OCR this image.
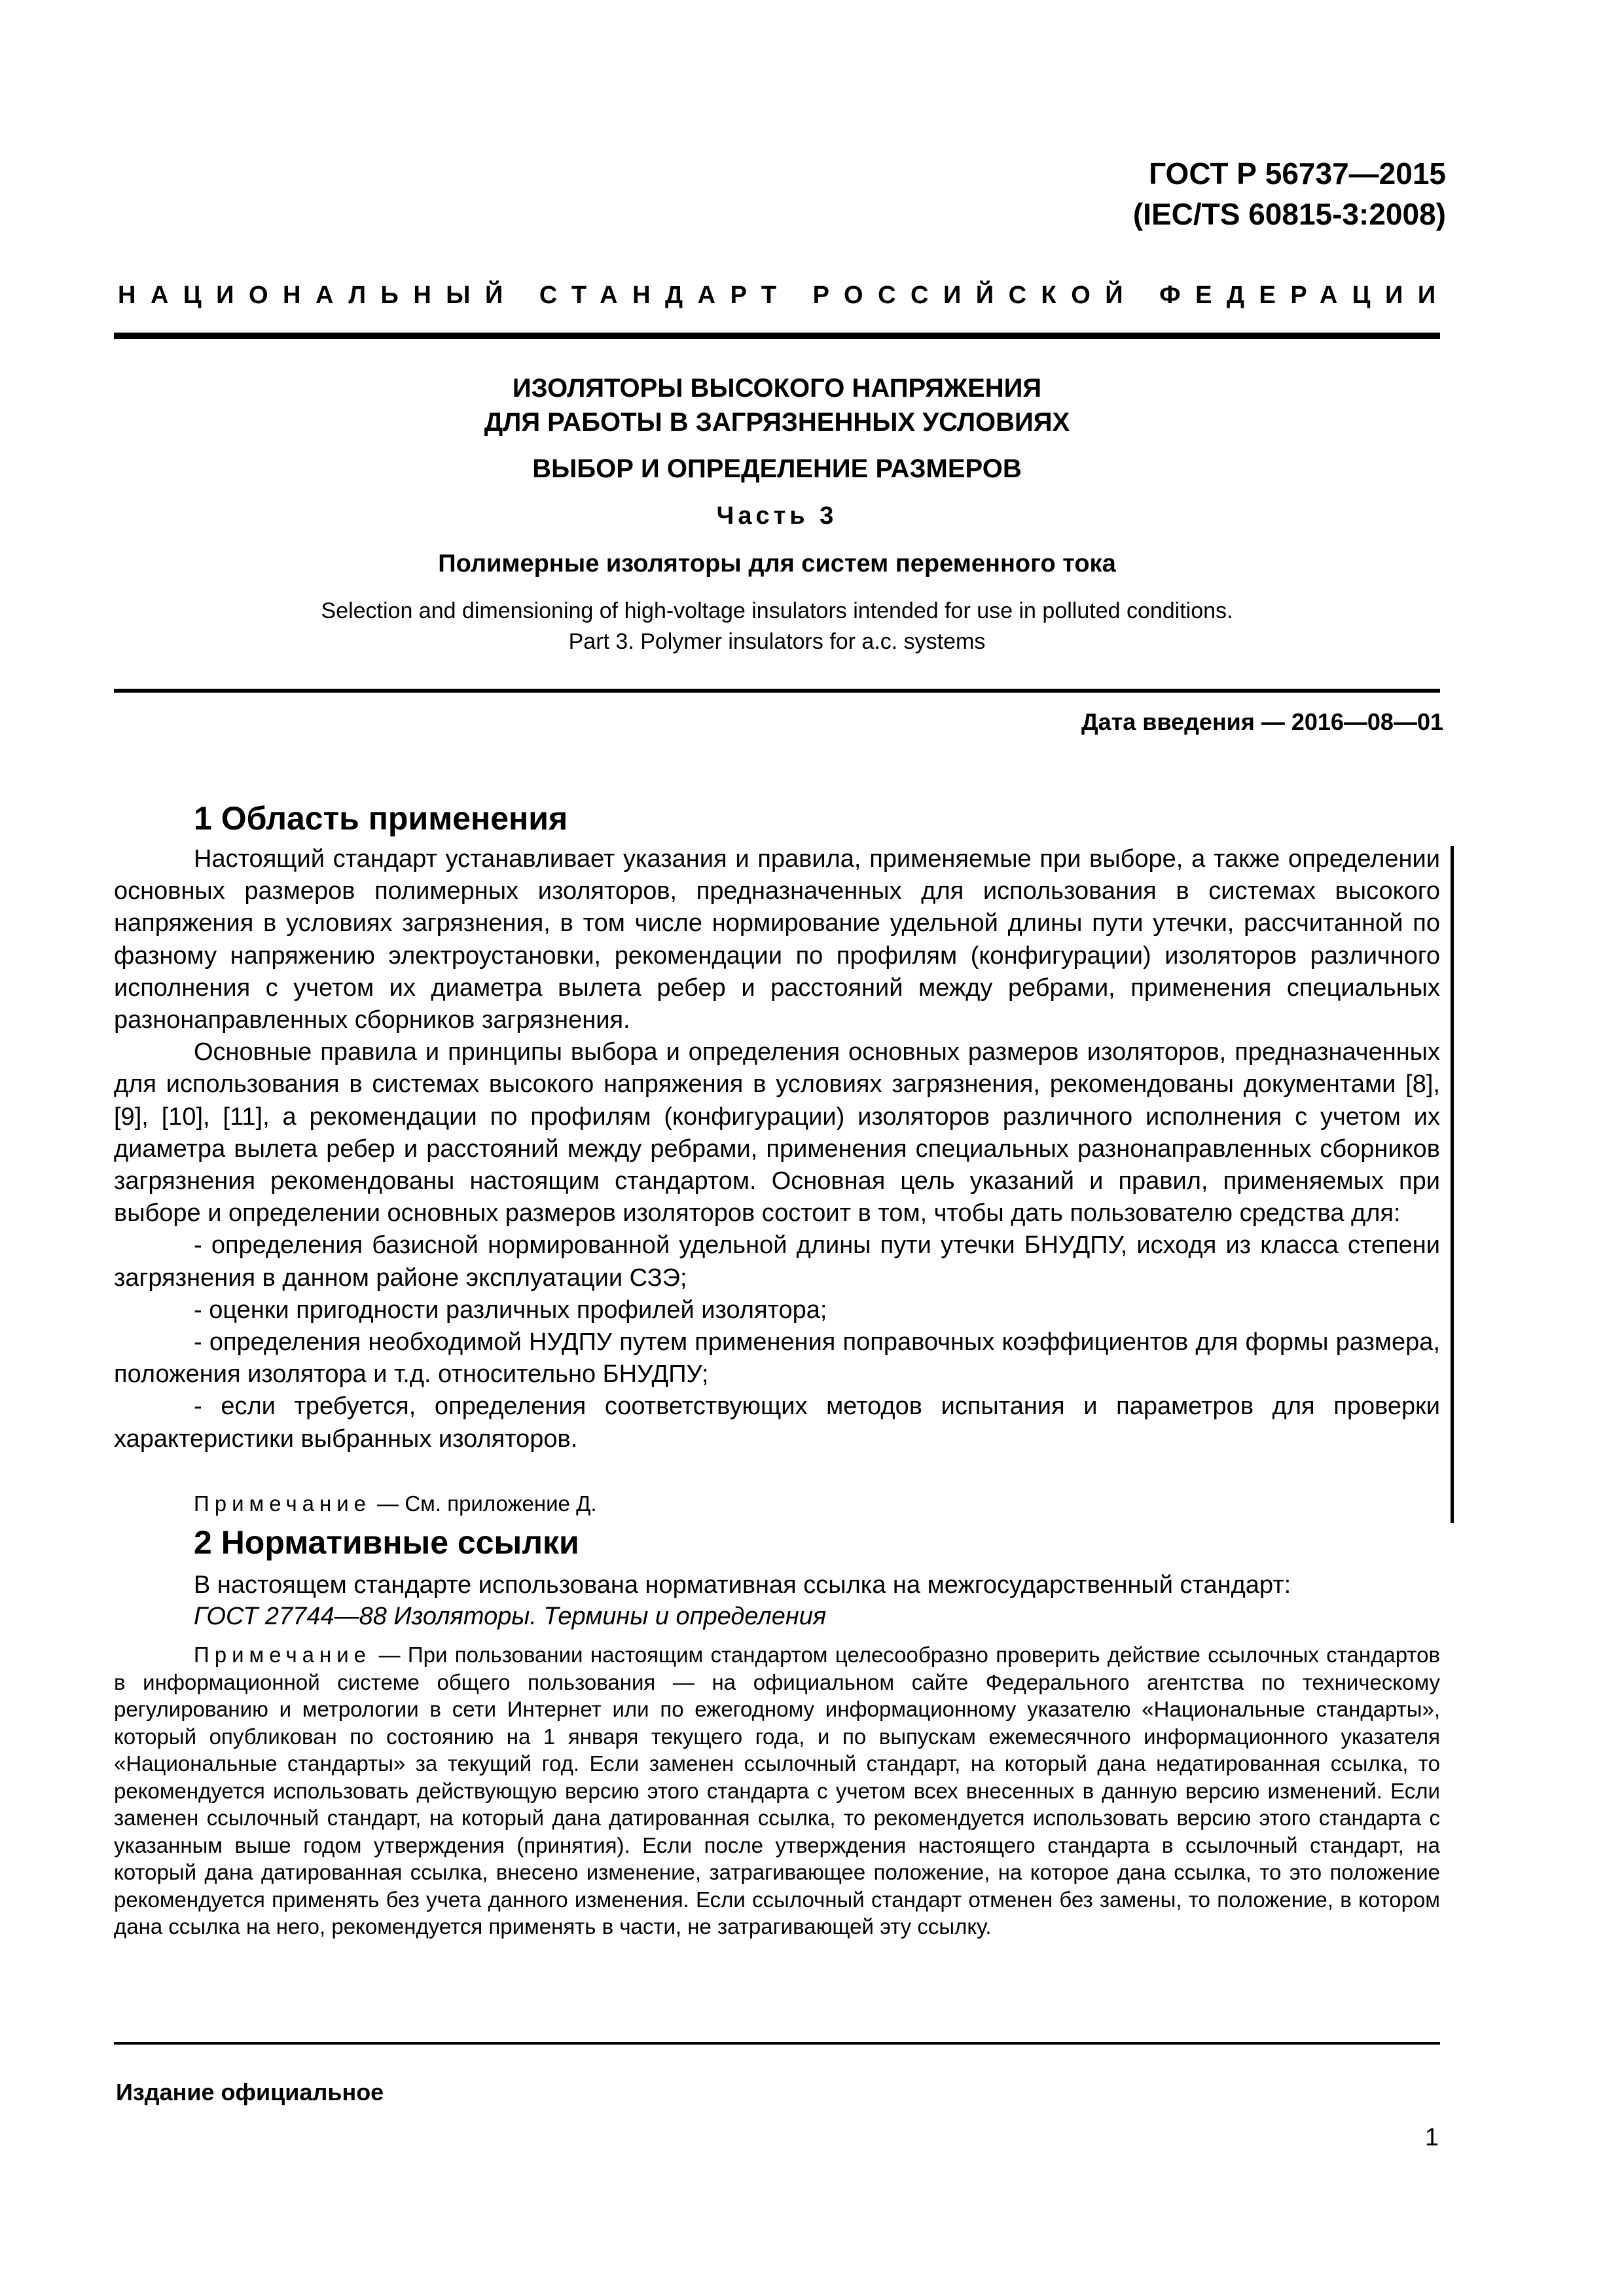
ГОСТ Р 56737—2015
(IEC/TS 60815-3:2008)
НАЦИОНАЛЬНЫЙ СТАНДАРТ РОССИЙСКОЙ ФЕДЕРАЦИИ
ИЗОЛЯТОРЫ ВЫСОКОГО НАПРЯЖЕНИЯ
ДЛЯ РАБОТЫ В ЗАГРЯЗНЕННЫХ УСЛОВИЯХ
ВЫБОР И ОПРЕДЕЛЕНИЕ РАЗМЕРОВ
Часть 3
Полимерные изоляторы для систем переменного тока
Selection and dimensioning of high-voltage insulators intended for use in polluted conditions.
Part 3. Polymer insulators for a.c. systems
Дата введения — 2016—08—01
1 Область применения

Настоящий стандарт устанавливает указания и правила, применяемые при выборе, а также определении основных размеров полимерных изоляторов, предназначенных для использования в системах высокого напряжения в условиях загрязнения, в том числе нормирование удельной длины пути утечки, рассчитанной по фазному напряжению электроустановки, рекомендации по профилям (конфигурации) изоляторов различного исполнения с учетом их диаметра вылета ребер и расстояний между ребрами, применения специальных разнонаправленных сборников загрязнения.

Основные правила и принципы выбора и определения основных размеров изоляторов, предназначенных для использования в системах высокого напряжения в условиях загрязнения, рекомендованы документами [8], [9], [10], [11], а рекомендации по профилям (конфигурации) изоляторов различного исполнения с учетом их диаметра вылета ребер и расстояний между ребрами, применения специальных разнонаправленных сборников загрязнения рекомендованы настоящим стандартом. Основная цель указаний и правил, применяемых при выборе и определении основных размеров изоляторов состоит в том, чтобы дать пользователю средства для:

- определения базисной нормированной удельной длины пути утечки БНУДПУ, исходя из класса степени загрязнения в данном районе эксплуатации СЗЭ;

- оценки пригодности различных профилей изолятора;

- определения необходимой НУДПУ путем применения поправочных коэффициентов для формы размера, положения изолятора и т.д. относительно БНУДПУ;

- если требуется, определения соответствующих методов испытания и параметров для проверки характеристики выбранных изоляторов.

Примечание — См. приложение Д.
2 Нормативные ссылки
В настоящем стандарте использована нормативная ссылка на межгосударственный стандарт:
ГОСТ 27744—88 Изоляторы. Термины и определения

Примечание — При пользовании настоящим стандартом целесообразно проверить действие ссылочных стандартов в информационной системе общего пользования — на официальном сайте Федерального агентства по техническому регулированию и метрологии в сети Интернет или по ежегодному информационному указателю «Национальные стандарты», который опубликован по состоянию на 1 января текущего года, и по выпускам ежемесячного информационного указателя «Национальные стандарты» за текущий год. Если заменен ссылочный стандарт, на который дана недатированная ссылка, то рекомендуется использовать действующую версию этого стандарта с учетом всех внесенных в данную версию изменений. Если заменен ссылочный стандарт, на который дана датированная ссылка, то рекомендуется использовать версию этого стандарта с указанным выше годом утверждения (принятия). Если после утверждения настоящего стандарта в ссылочный стандарт, на который дана датированная ссылка, внесено изменение, затрагивающее положение, на которое дана ссылка, то это положение рекомендуется применять без учета данного изменения. Если ссылочный стандарт отменен без замены, то положение, в котором дана ссылка на него, рекомендуется применять в части, не затрагивающей эту ссылку.

Издание официальное
1
